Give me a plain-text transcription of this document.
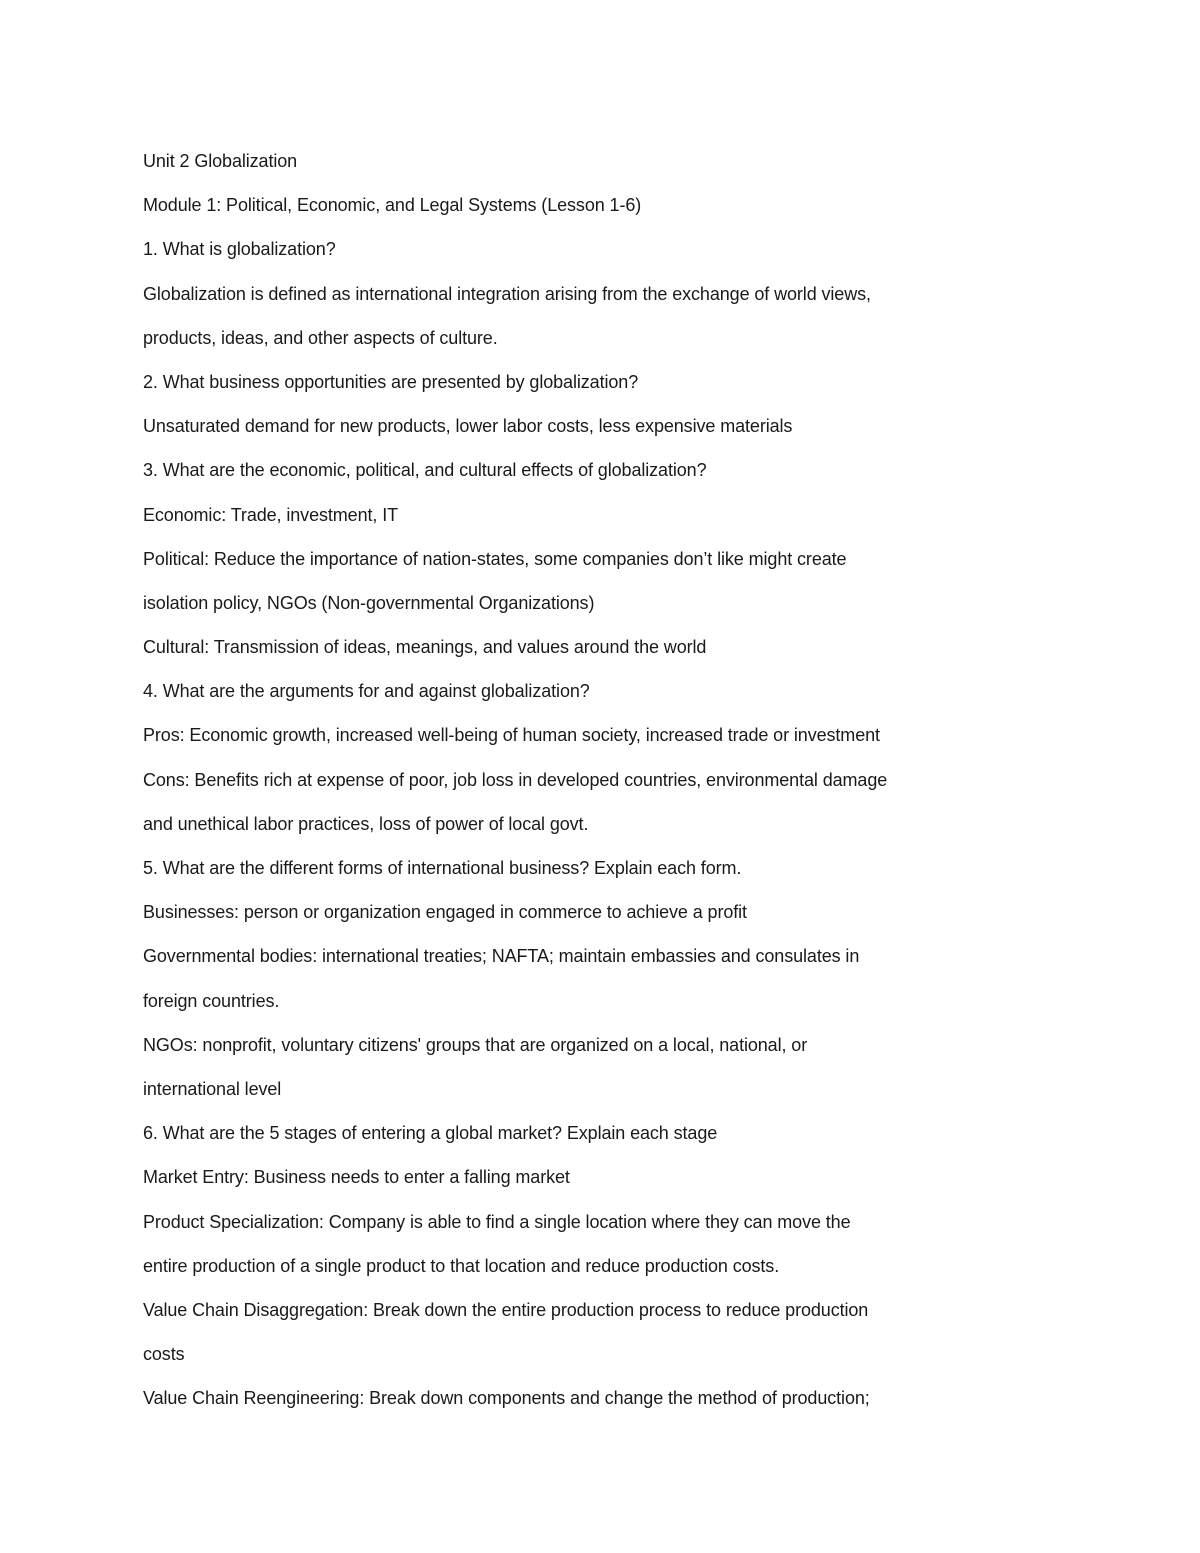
Unit 2 Globalization
Module 1: Political, Economic, and Legal Systems (Lesson 1-6)
1. What is globalization?
Globalization is defined as international integration arising from the exchange of world views,
products, ideas, and other aspects of culture.
2. What business opportunities are presented by globalization?
Unsaturated demand for new products, lower labor costs, less expensive materials
3. What are the economic, political, and cultural effects of globalization?
Economic: Trade, investment, IT
Political: Reduce the importance of nation-states, some companies don’t like might create
isolation policy, NGOs (Non-governmental Organizations)
Cultural: Transmission of ideas, meanings, and values around the world
4. What are the arguments for and against globalization?
Pros: Economic growth, increased well-being of human society, increased trade or investment
Cons: Benefits rich at expense of poor, job loss in developed countries, environmental damage
and unethical labor practices, loss of power of local govt.
5. What are the different forms of international business? Explain each form.
Businesses: person or organization engaged in commerce to achieve a profit
Governmental bodies: international treaties; NAFTA; maintain embassies and consulates in
foreign countries.
NGOs: nonprofit, voluntary citizens' groups that are organized on a local, national, or
international level
6. What are the 5 stages of entering a global market? Explain each stage
Market Entry: Business needs to enter a falling market
Product Specialization: Company is able to find a single location where they can move the
entire production of a single product to that location and reduce production costs.
Value Chain Disaggregation: Break down the entire production process to reduce production
costs
Value Chain Reengineering: Break down components and change the method of production;
